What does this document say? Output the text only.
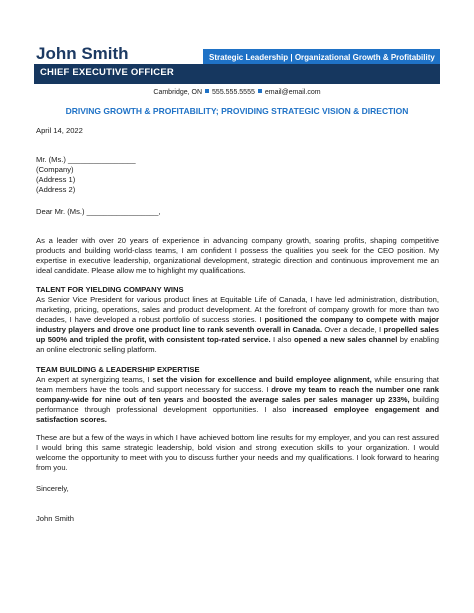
Strategic Leadership | Organizational Growth & Profitability
John Smith
CHIEF EXECUTIVE OFFICER
Cambridge, ON 555.555.5555 email@email.com
DRIVING GROWTH & PROFITABILITY; PROVIDING STRATEGIC VISION & DIRECTION
April 14, 2022
Mr. (Ms.) ________________
(Company)
(Address 1)
(Address 2)
Dear Mr. (Ms.) _________________,
As a leader with over 20 years of experience in advancing company growth, soaring profits, shaping competitive products and building world-class teams, I am confident I possess the qualities you seek for the CEO position. My expertise in executive leadership, organizational development, strategic direction and continuous improvement me an ideal candidate. Please allow me to highlight my qualifications.
TALENT FOR YIELDING COMPANY WINS
As Senior Vice President for various product lines at Equitable Life of Canada, I have led administration, distribution, marketing, pricing, operations, sales and product development. At the forefront of company growth for more than two decades, I have developed a robust portfolio of success stories. I positioned the company to compete with major industry players and drove one product line to rank seventh overall in Canada. Over a decade, I propelled sales up 500% and tripled the profit, with consistent top-rated service. I also opened a new sales channel by enabling an online electronic selling platform.
TEAM BUILDING & LEADERSHIP EXPERTISE
An expert at synergizing teams, I set the vision for excellence and build employee alignment, while ensuring that team members have the tools and support necessary for success. I drove my team to reach the number one rank company-wide for nine out of ten years and boosted the average sales per sales manager up 233%, building performance through professional development opportunities. I also increased employee engagement and satisfaction scores.
These are but a few of the ways in which I have achieved bottom line results for my employer, and you can rest assured I would bring this same strategic leadership, bold vision and strong execution skills to your organization. I would welcome the opportunity to meet with you to discuss further your needs and my qualifications. I look forward to hearing from you.
Sincerely,
John Smith
